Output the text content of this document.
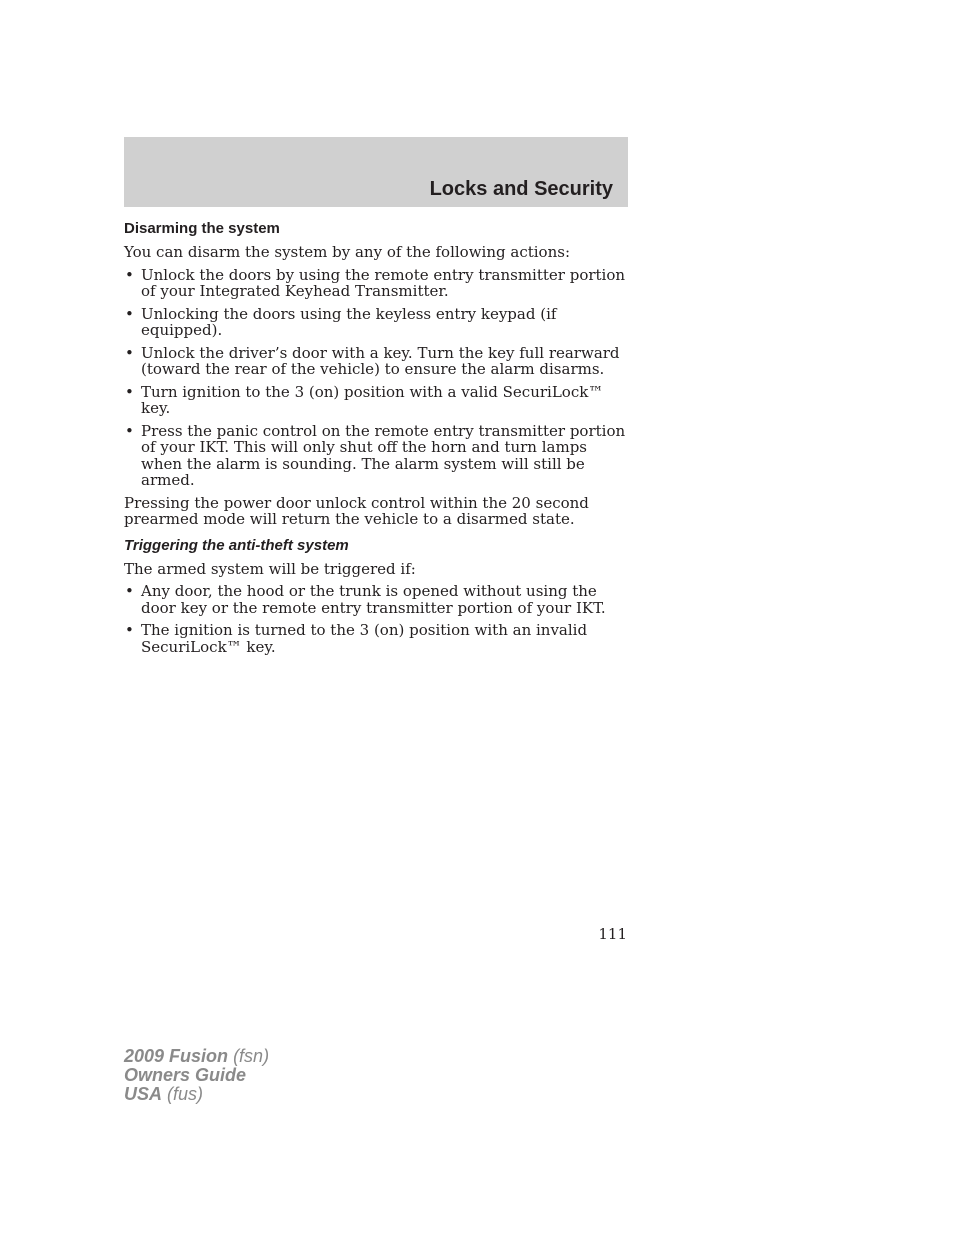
Locks and Security
Disarming the system

You can disarm the system by any of the following actions:

• Unlock the doors by using the remote entry transmitter portion of your Integrated Keyhead Transmitter.
• Unlocking the doors using the keyless entry keypad (if equipped).
• Unlock the driver’s door with a key. Turn the key full rearward (toward the rear of the vehicle) to ensure the alarm disarms.
• Turn ignition to the 3 (on) position with a valid SecuriLock™ key.
• Press the panic control on the remote entry transmitter portion of your IKT. This will only shut off the horn and turn lamps when the alarm is sounding. The alarm system will still be armed.

Pressing the power door unlock control within the 20 second prearmed mode will return the vehicle to a disarmed state.

Triggering the anti-theft system

The armed system will be triggered if:

• Any door, the hood or the trunk is opened without using the door key or the remote entry transmitter portion of your IKT.
• The ignition is turned to the 3 (on) position with an invalid SecuriLock™ key.
111
2009 Fusion (fsn)
Owners Guide
USA (fus)
